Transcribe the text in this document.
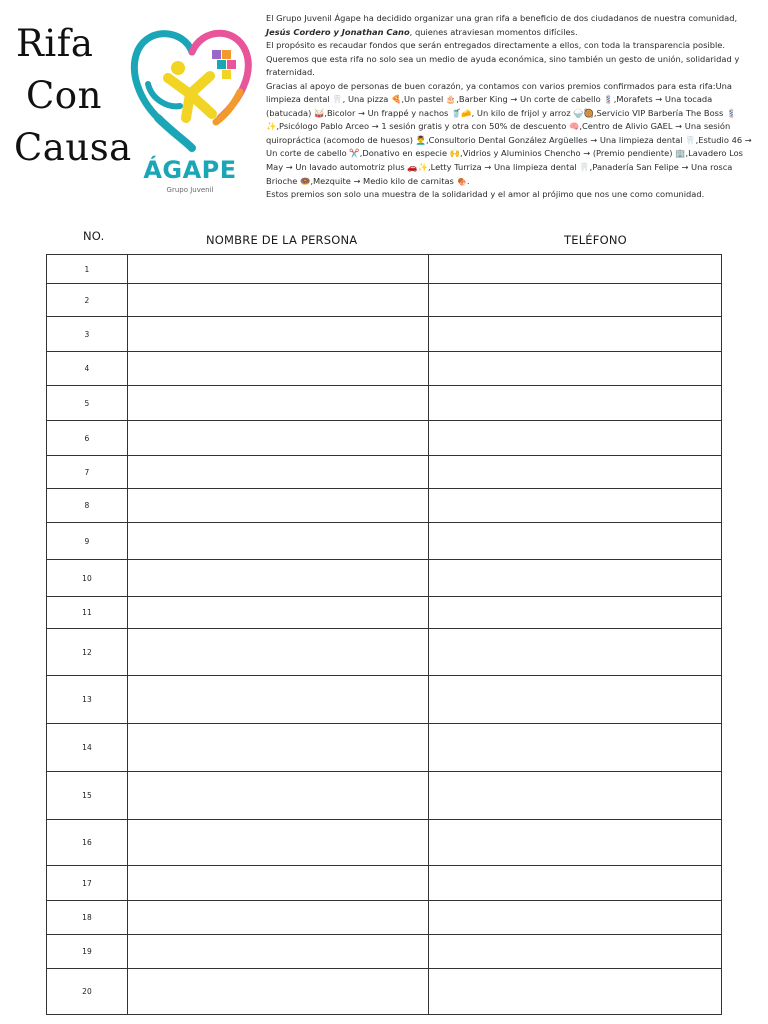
Rifa
Con
Causa
ÁGAPE
Grupo Juvenil

El Grupo Juvenil Ágape ha decidido organizar una gran rifa a beneficio de dos ciudadanos de nuestra comunidad, Jesús Cordero y Jonathan Cano, quienes atraviesan momentos difíciles.

El propósito es recaudar fondos que serán entregados directamente a ellos, con toda la transparencia posible. Queremos que esta rifa no solo sea un medio de ayuda económica, sino también un gesto de unión, solidaridad y fraternidad.

Gracias al apoyo de personas de buen corazón, ya contamos con varios premios confirmados para esta rifa:Una limpieza dental 🦷, Una pizza 🍕,Un pastel 🎂,Barber King → Un corte de cabello 💈,Morafets → Una tocada (batucada) 🥁,Bicolor → Un frappé y nachos 🥤🧀, Un kilo de frijol y arroz 🍚🥘,Servicio VIP Barbería The Boss 💈✨,Psicólogo Pablo Arceo → 1 sesión gratis y otra con 50% de descuento 🧠,Centro de Alivio GAEL → Una sesión quiropráctica (acomodo de huesos) 💆‍♂️,Consultorio Dental González Argüelles → Una limpieza dental 🦷,Estudio 46 → Un corte de cabello ✂️,Donativo en especie 🙌,Vidrios y Aluminios Chencho → (Premio pendiente) 🏢,Lavadero Los May → Un lavado automotriz plus 🚗✨,Letty Turriza → Una limpieza dental 🦷,Panadería San Felipe → Una rosca Brioche 🍩,Mezquite → Medio kilo de carnitas 🍖.

Estos premios son solo una muestra de la solidaridad y el amor al prójimo que nos une como comunidad.

NO.	NOMBRE DE LA PERSONA	TELÉFONO
1		
2		
3		
4		
5		
6		
7		
8		
9		
10		
11		
12		
13		
14		
15		
16		
17		
18		
19		
20		
